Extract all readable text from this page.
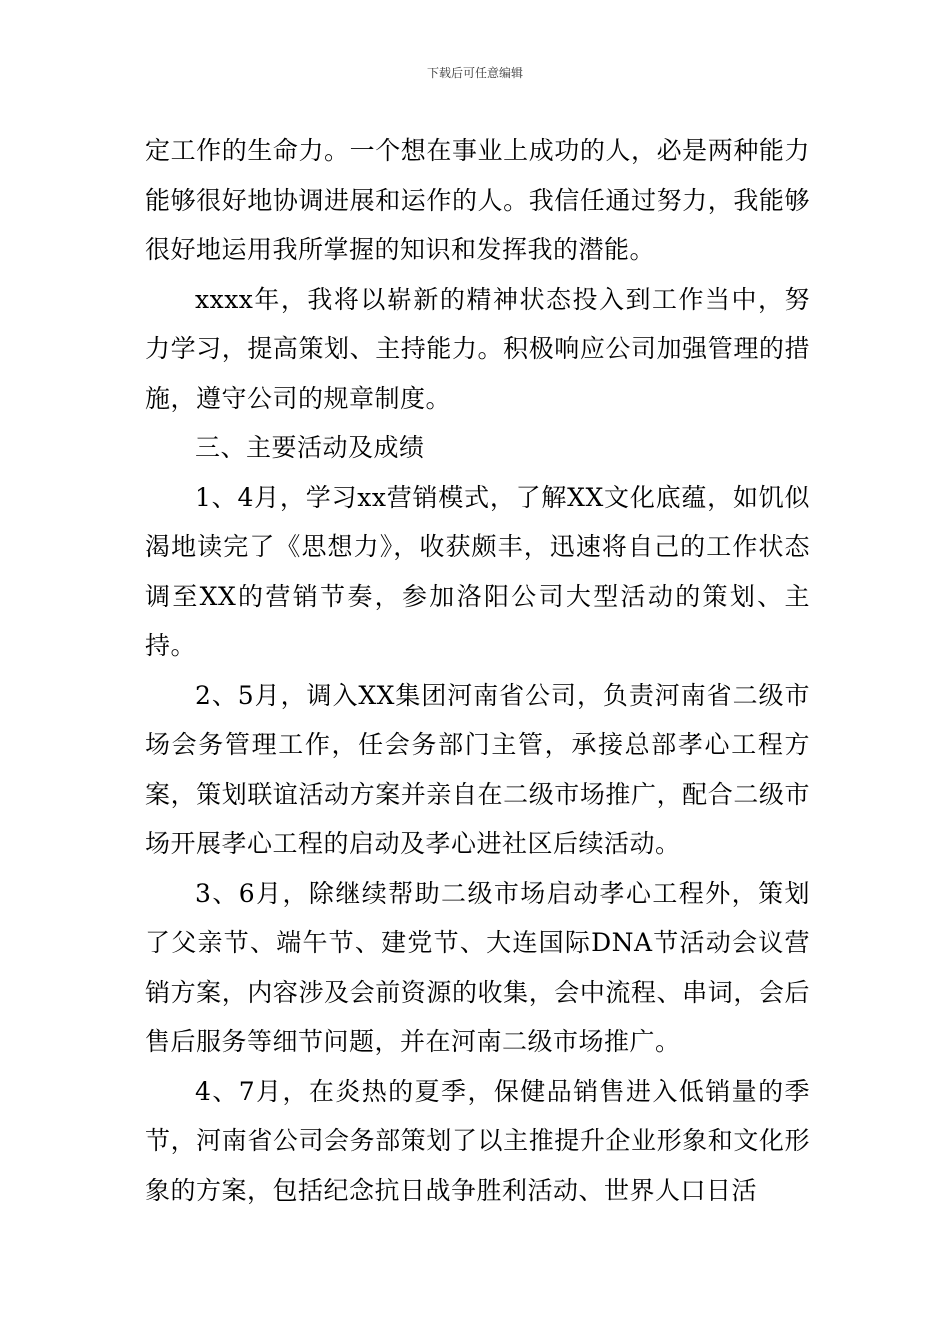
下载后可任意编辑

定工作的生命力。一个想在事业上成功的人，必是两种能力能够很好地协调进展和运作的人。我信任通过努力，我能够很好地运用我所掌握的知识和发挥我的潜能。

xxxx年，我将以崭新的精神状态投入到工作当中，努力学习，提高策划、主持能力。积极响应公司加强管理的措施，遵守公司的规章制度。

三、主要活动及成绩

1、4月，学习xx营销模式，了解XX文化底蕴，如饥似渴地读完了《思想力》，收获颇丰，迅速将自己的工作状态调至XX的营销节奏，参加洛阳公司大型活动的策划、主持。

2、5月，调入XX集团河南省公司，负责河南省二级市场会务管理工作，任会务部门主管，承接总部孝心工程方案，策划联谊活动方案并亲自在二级市场推广，配合二级市场开展孝心工程的启动及孝心进社区后续活动。

3、6月，除继续帮助二级市场启动孝心工程外，策划了父亲节、端午节、建党节、大连国际DNA节活动会议营销方案，内容涉及会前资源的收集，会中流程、串词，会后售后服务等细节问题，并在河南二级市场推广。

4、7月，在炎热的夏季，保健品销售进入低销量的季节，河南省公司会务部策划了以主推提升企业形象和文化形象的方案，包括纪念抗日战争胜利活动、世界人口日活
